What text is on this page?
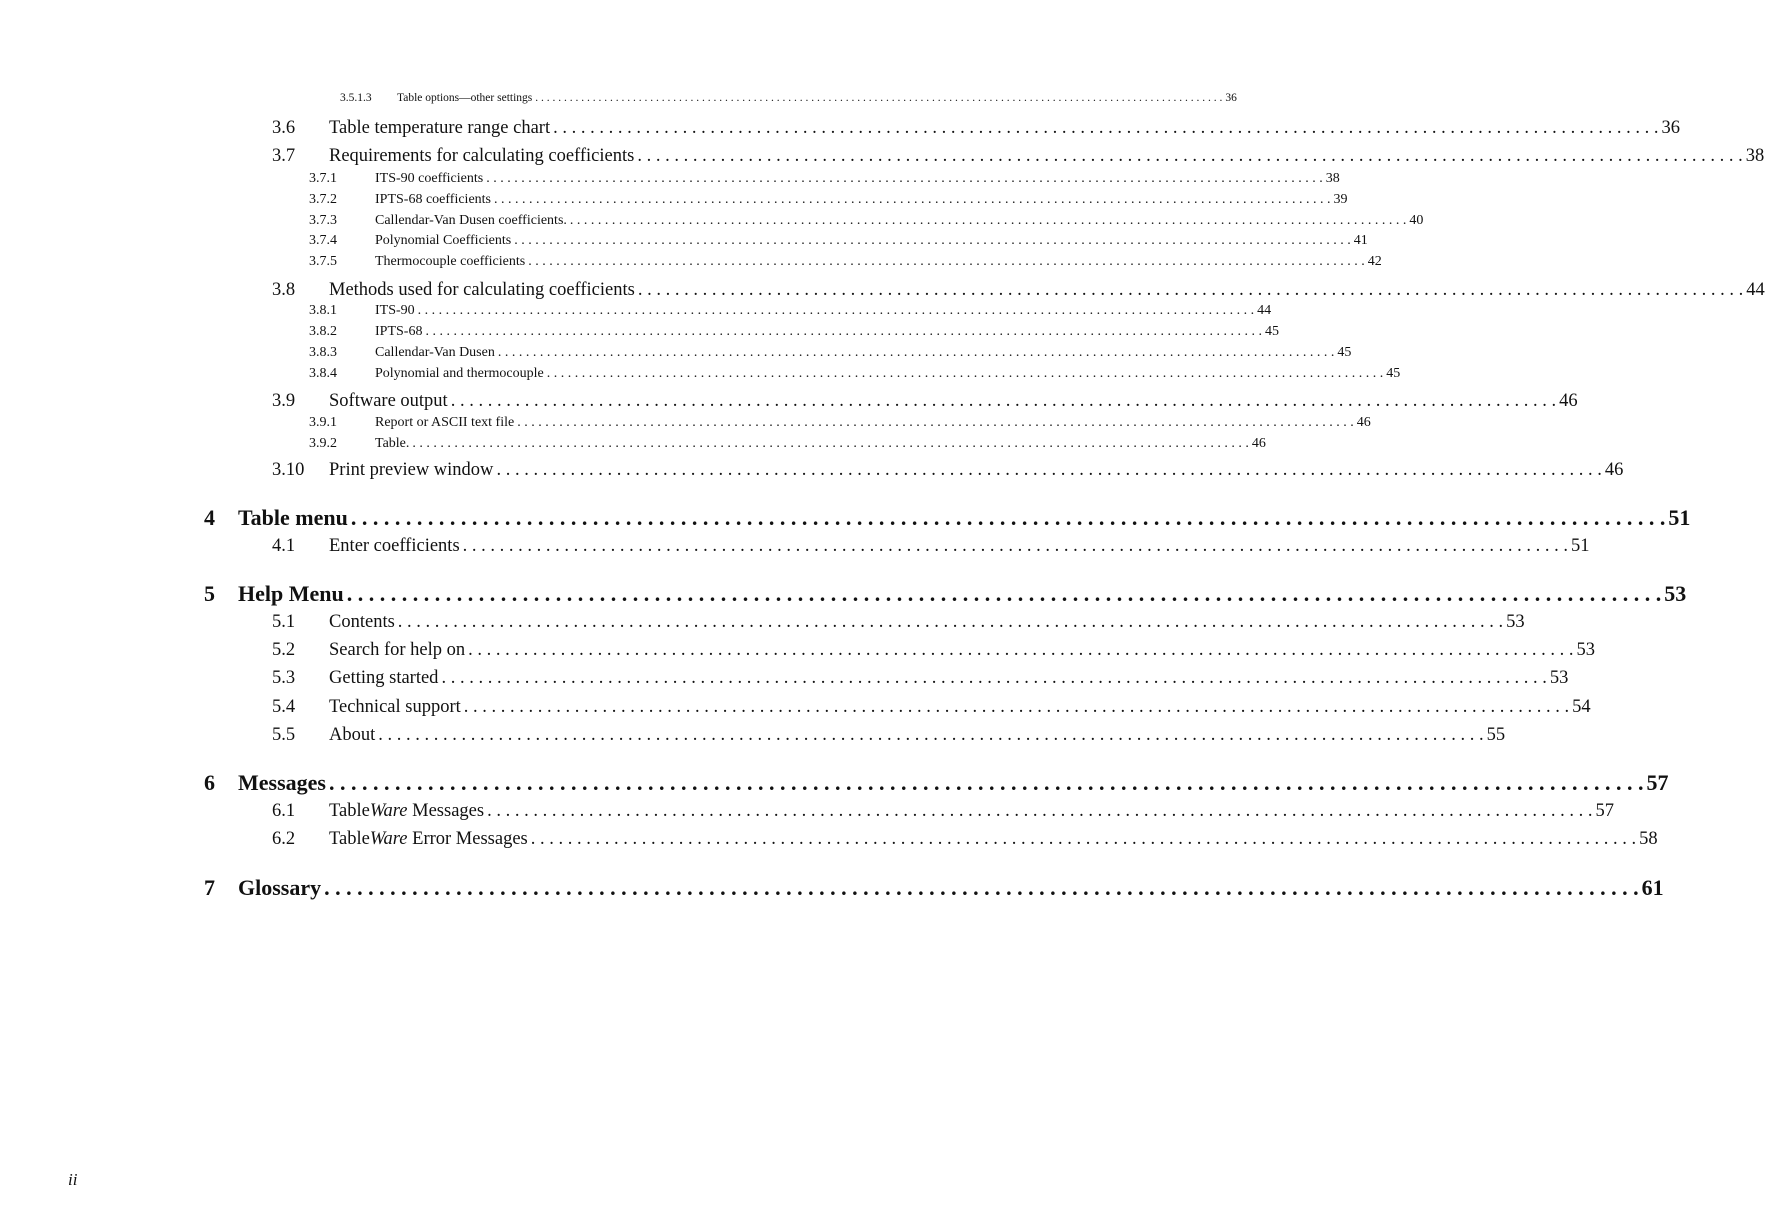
3.5.1.3	Table options—other settings . . . . . . . . . . . . . . . . . . . . . . . . . . . . . . . . . . . . . . . . . . . . . . . . . . . . . . . . . . . . . . . . . . . . . . . . . . . . . . . . . . . . . . . . . . . . . . . . . . . . . . . . . . . . . . . . . . . . . . . . 36
3.6	Table temperature range chart . . . . . . . . . . . . . . . . . . . . . . . . . . . . . . . . . . . . . . . . . . . . . . . . . . . . . . . . . . . . . . . . . . . . . . . . . . . . . . . . . . . . . . . . . . . . . . . . . . . . . . . . . . . . . . . . . . . . . . . . 36
3.7	Requirements for calculating coefficients . . . . . . . . . . . . . . . . . . . . . . . . . . . . . . . . . . . . . . . . . . . . . . . . . . . . . . . . . . . . . . . . . . . . . . . . . . . . . . . . . . . . . . . . . . . . . . . . . . . . . . . . . . . . . . . . . . . . . . . . 38
3.7.1	ITS-90 coefficients . . . . . . . . . . . . . . . . . . . . . . . . . . . . . . . . . . . . . . . . . . . . . . . . . . . . . . . . . . . . . . . . . . . . . . . . . . . . . . . . . . . . . . . . . . . . . . . . . . . . . . . . . . . . . . . . . . . . . . . . 38
3.7.2	IPTS-68 coefficients . . . . . . . . . . . . . . . . . . . . . . . . . . . . . . . . . . . . . . . . . . . . . . . . . . . . . . . . . . . . . . . . . . . . . . . . . . . . . . . . . . . . . . . . . . . . . . . . . . . . . . . . . . . . . . . . . . . . . . . . 39
3.7.3	Callendar-Van Dusen coefficients. . . . . . . . . . . . . . . . . . . . . . . . . . . . . . . . . . . . . . . . . . . . . . . . . . . . . . . . . . . . . . . . . . . . . . . . . . . . . . . . . . . . . . . . . . . . . . . . . . . . . . . . . . . . . . . . . . . . . . . . . 40
3.7.4	Polynomial Coefficients . . . . . . . . . . . . . . . . . . . . . . . . . . . . . . . . . . . . . . . . . . . . . . . . . . . . . . . . . . . . . . . . . . . . . . . . . . . . . . . . . . . . . . . . . . . . . . . . . . . . . . . . . . . . . . . . . . . . . . . . 41
3.7.5	Thermocouple coefficients . . . . . . . . . . . . . . . . . . . . . . . . . . . . . . . . . . . . . . . . . . . . . . . . . . . . . . . . . . . . . . . . . . . . . . . . . . . . . . . . . . . . . . . . . . . . . . . . . . . . . . . . . . . . . . . . . . . . . . . . 42
3.8	Methods used for calculating coefficients . . . . . . . . . . . . . . . . . . . . . . . . . . . . . . . . . . . . . . . . . . . . . . . . . . . . . . . . . . . . . . . . . . . . . . . . . . . . . . . . . . . . . . . . . . . . . . . . . . . . . . . . . . . . . . . . . . . . . . . . 44
3.8.1	ITS-90 . . . . . . . . . . . . . . . . . . . . . . . . . . . . . . . . . . . . . . . . . . . . . . . . . . . . . . . . . . . . . . . . . . . . . . . . . . . . . . . . . . . . . . . . . . . . . . . . . . . . . . . . . . . . . . . . . . . . . . . . 44
3.8.2	IPTS-68 . . . . . . . . . . . . . . . . . . . . . . . . . . . . . . . . . . . . . . . . . . . . . . . . . . . . . . . . . . . . . . . . . . . . . . . . . . . . . . . . . . . . . . . . . . . . . . . . . . . . . . . . . . . . . . . . . . . . . . . . 45
3.8.3	Callendar-Van Dusen . . . . . . . . . . . . . . . . . . . . . . . . . . . . . . . . . . . . . . . . . . . . . . . . . . . . . . . . . . . . . . . . . . . . . . . . . . . . . . . . . . . . . . . . . . . . . . . . . . . . . . . . . . . . . . . . . . . . . . . . 45
3.8.4	Polynomial and thermocouple . . . . . . . . . . . . . . . . . . . . . . . . . . . . . . . . . . . . . . . . . . . . . . . . . . . . . . . . . . . . . . . . . . . . . . . . . . . . . . . . . . . . . . . . . . . . . . . . . . . . . . . . . . . . . . . . . . . . . . . . 45
3.9	Software output . . . . . . . . . . . . . . . . . . . . . . . . . . . . . . . . . . . . . . . . . . . . . . . . . . . . . . . . . . . . . . . . . . . . . . . . . . . . . . . . . . . . . . . . . . . . . . . . . . . . . . . . . . . . . . . . . . . . . . . . 46
3.9.1	Report or ASCII text file . . . . . . . . . . . . . . . . . . . . . . . . . . . . . . . . . . . . . . . . . . . . . . . . . . . . . . . . . . . . . . . . . . . . . . . . . . . . . . . . . . . . . . . . . . . . . . . . . . . . . . . . . . . . . . . . . . . . . . . . 46
3.9.2	Table. . . . . . . . . . . . . . . . . . . . . . . . . . . . . . . . . . . . . . . . . . . . . . . . . . . . . . . . . . . . . . . . . . . . . . . . . . . . . . . . . . . . . . . . . . . . . . . . . . . . . . . . . . . . . . . . . . . . . . . . . 46
3.10	Print preview window . . . . . . . . . . . . . . . . . . . . . . . . . . . . . . . . . . . . . . . . . . . . . . . . . . . . . . . . . . . . . . . . . . . . . . . . . . . . . . . . . . . . . . . . . . . . . . . . . . . . . . . . . . . . . . . . . . . . . . . . 46
4	Table menu . . . . . . . . . . . . . . . . . . . . . . . . . . . . . . . . . . . . . . . . . . . . . . . . . . . . . . . . . . . . . . . . . . . . . . . . . . . . . . . . . . . . . . . . . . . . . . . . . . . . . . . . . . . . . . . . . . . . . . . . 51
4.1	Enter coefficients . . . . . . . . . . . . . . . . . . . . . . . . . . . . . . . . . . . . . . . . . . . . . . . . . . . . . . . . . . . . . . . . . . . . . . . . . . . . . . . . . . . . . . . . . . . . . . . . . . . . . . . . . . . . . . . . . . . . . . . . 51
5	Help Menu . . . . . . . . . . . . . . . . . . . . . . . . . . . . . . . . . . . . . . . . . . . . . . . . . . . . . . . . . . . . . . . . . . . . . . . . . . . . . . . . . . . . . . . . . . . . . . . . . . . . . . . . . . . . . . . . . . . . . . . . 53
5.1	Contents . . . . . . . . . . . . . . . . . . . . . . . . . . . . . . . . . . . . . . . . . . . . . . . . . . . . . . . . . . . . . . . . . . . . . . . . . . . . . . . . . . . . . . . . . . . . . . . . . . . . . . . . . . . . . . . . . . . . . . . . 53
5.2	Search for help on . . . . . . . . . . . . . . . . . . . . . . . . . . . . . . . . . . . . . . . . . . . . . . . . . . . . . . . . . . . . . . . . . . . . . . . . . . . . . . . . . . . . . . . . . . . . . . . . . . . . . . . . . . . . . . . . . . . . . . . . 53
5.3	Getting started . . . . . . . . . . . . . . . . . . . . . . . . . . . . . . . . . . . . . . . . . . . . . . . . . . . . . . . . . . . . . . . . . . . . . . . . . . . . . . . . . . . . . . . . . . . . . . . . . . . . . . . . . . . . . . . . . . . . . . . . 53
5.4	Technical support . . . . . . . . . . . . . . . . . . . . . . . . . . . . . . . . . . . . . . . . . . . . . . . . . . . . . . . . . . . . . . . . . . . . . . . . . . . . . . . . . . . . . . . . . . . . . . . . . . . . . . . . . . . . . . . . . . . . . . . . 54
5.5	About . . . . . . . . . . . . . . . . . . . . . . . . . . . . . . . . . . . . . . . . . . . . . . . . . . . . . . . . . . . . . . . . . . . . . . . . . . . . . . . . . . . . . . . . . . . . . . . . . . . . . . . . . . . . . . . . . . . . . . . . 55
6	Messages . . . . . . . . . . . . . . . . . . . . . . . . . . . . . . . . . . . . . . . . . . . . . . . . . . . . . . . . . . . . . . . . . . . . . . . . . . . . . . . . . . . . . . . . . . . . . . . . . . . . . . . . . . . . . . . . . . . . . . . . 57
6.1	TableWare Messages . . . . . . . . . . . . . . . . . . . . . . . . . . . . . . . . . . . . . . . . . . . . . . . . . . . . . . . . . . . . . . . . . . . . . . . . . . . . . . . . . . . . . . . . . . . . . . . . . . . . . . . . . . . . . . . . . . . . . . . . 57
6.2	TableWare Error Messages . . . . . . . . . . . . . . . . . . . . . . . . . . . . . . . . . . . . . . . . . . . . . . . . . . . . . . . . . . . . . . . . . . . . . . . . . . . . . . . . . . . . . . . . . . . . . . . . . . . . . . . . . . . . . . . . . . . . . . . . 58
7	Glossary . . . . . . . . . . . . . . . . . . . . . . . . . . . . . . . . . . . . . . . . . . . . . . . . . . . . . . . . . . . . . . . . . . . . . . . . . . . . . . . . . . . . . . . . . . . . . . . . . . . . . . . . . . . . . . . . . . . . . . . . 61
ii
